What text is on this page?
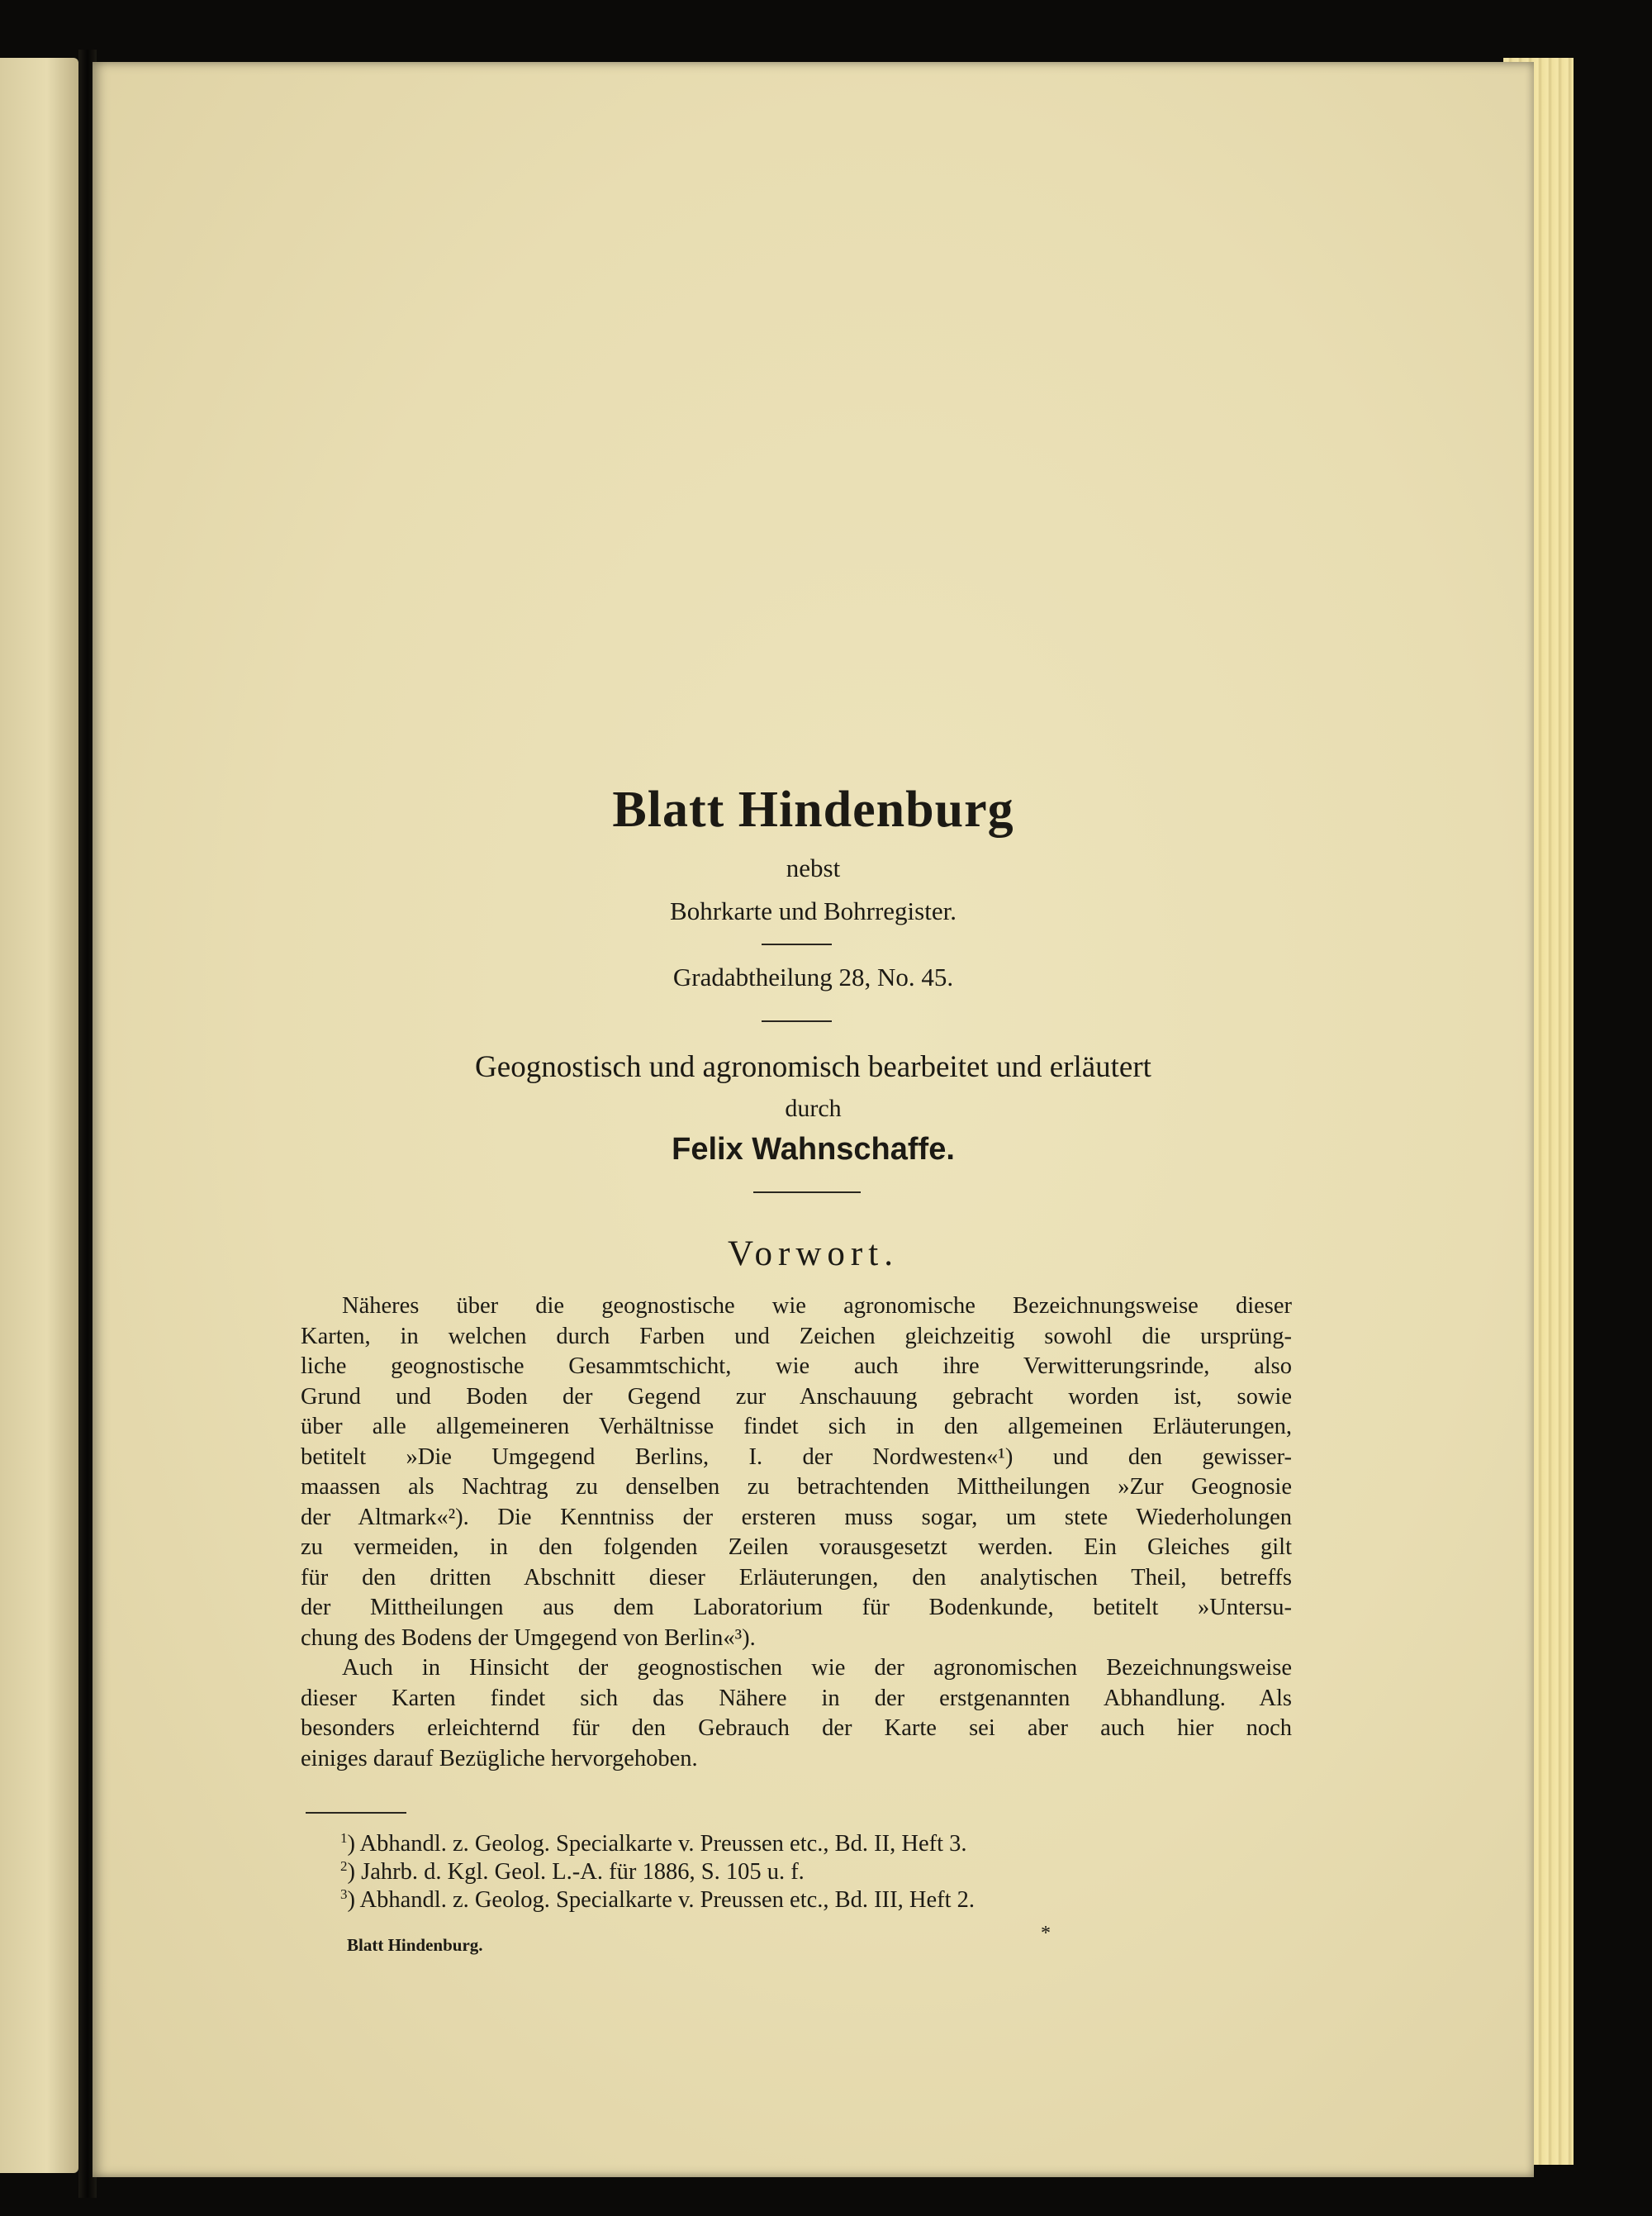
Blatt Hindenburg
nebst
Bohrkarte und Bohrregister.
Gradabtheilung 28, No. 45.
Geognostisch und agronomisch bearbeitet und erläutert
durch
Felix Wahnschaffe.
Vorwort.
Näheres über die geognostische wie agronomische Bezeichnungsweise dieser
Karten, in welchen durch Farben und Zeichen gleichzeitig sowohl die ursprüng-
liche geognostische Gesammtschicht, wie auch ihre Verwitterungsrinde, also
Grund und Boden der Gegend zur Anschauung gebracht worden ist, sowie
über alle allgemeineren Verhältnisse findet sich in den allgemeinen Erläuterungen,
betitelt »Die Umgegend Berlins, I. der Nordwesten«¹) und den gewisser-
maassen als Nachtrag zu denselben zu betrachtenden Mittheilungen »Zur Geognosie
der Altmark«²). Die Kenntniss der ersteren muss sogar, um stete Wiederholungen
zu vermeiden, in den folgenden Zeilen vorausgesetzt werden. Ein Gleiches gilt
für den dritten Abschnitt dieser Erläuterungen, den analytischen Theil, betreffs
der Mittheilungen aus dem Laboratorium für Bodenkunde, betitelt »Untersu-
chung des Bodens der Umgegend von Berlin«³).
Auch in Hinsicht der geognostischen wie der agronomischen Bezeichnungsweise
dieser Karten findet sich das Nähere in der erstgenannten Abhandlung. Als
besonders erleichternd für den Gebrauch der Karte sei aber auch hier noch
einiges darauf Bezügliche hervorgehoben.
$^1$) Abhandl. z. Geolog. Specialkarte v. Preussen etc., Bd. II, Heft 3.
$^2$) Jahrb. d. Kgl. Geol. L.-A. für 1886, S. 105 u. f.
$^3$) Abhandl. z. Geolog. Specialkarte v. Preussen etc., Bd. III, Heft 2.
Blatt Hindenburg.
*
